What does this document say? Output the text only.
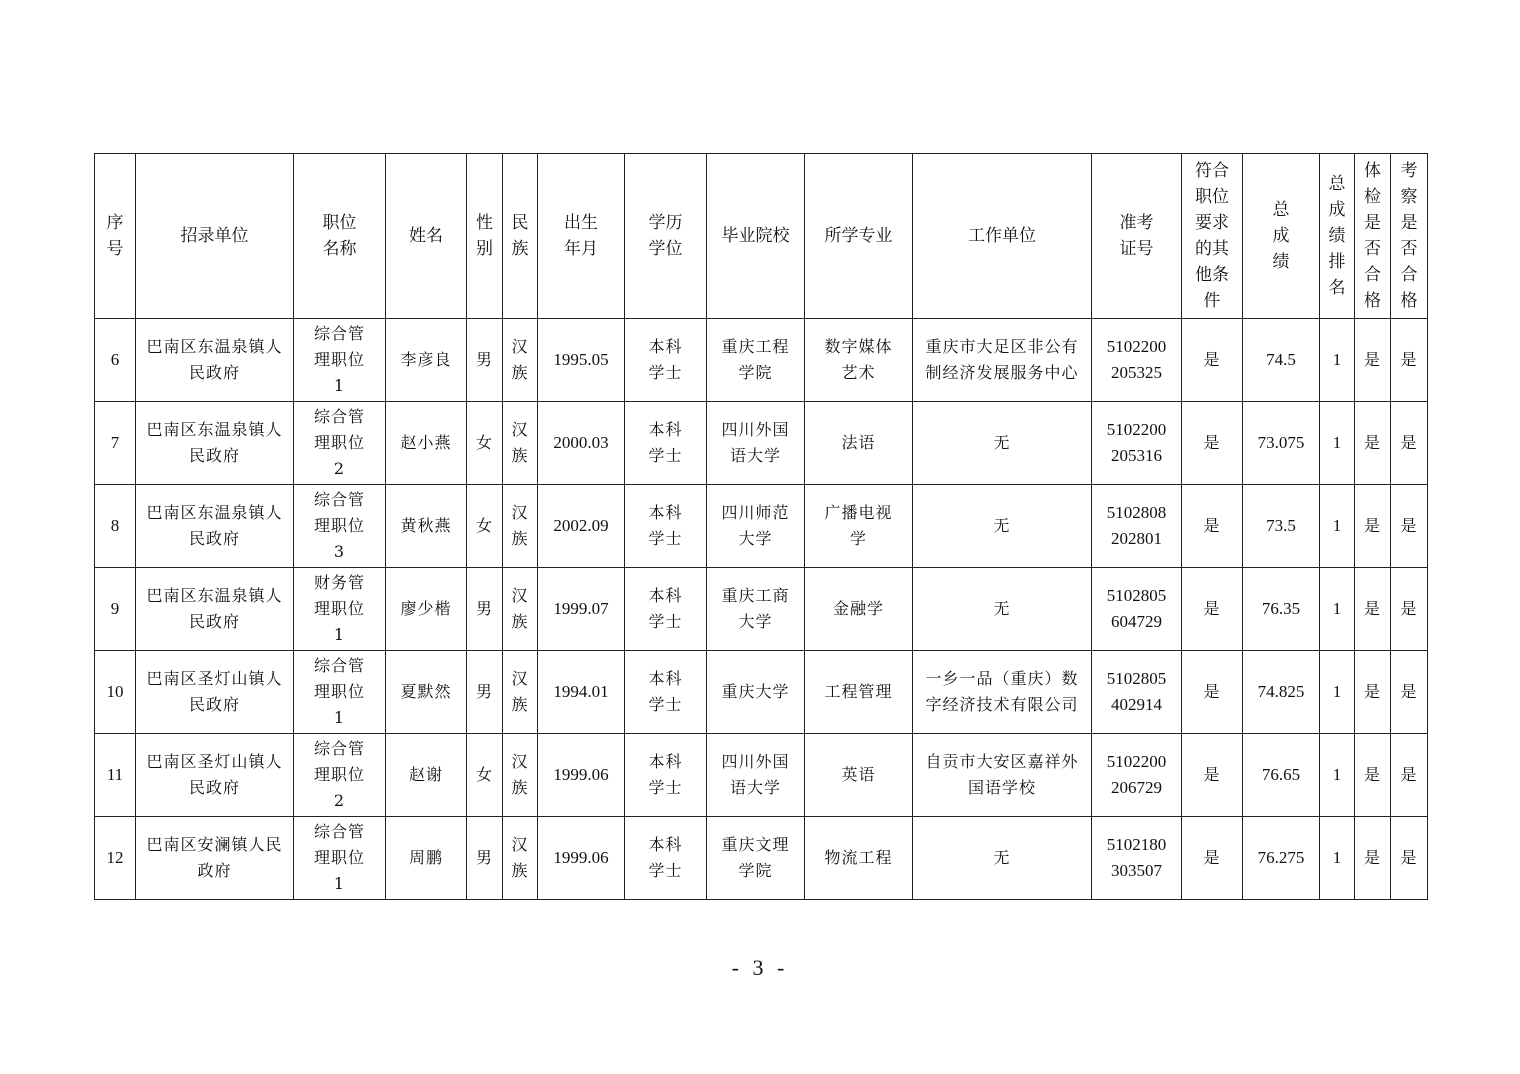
序号	招录单位	职位名称	姓名	性别	民族	出生年月	学历学位	毕业院校	所学专业	工作单位	准考证号	符合职位要求的其他条件	总成绩	总成绩排名	体检是否合格	考察是否合格
6	巴南区东温泉镇人民政府	综合管理职位1	李彦良	男	汉族	1995.05	本科学士	重庆工程学院	数字媒体艺术	重庆市大足区非公有制经济发展服务中心	5102200205325	是	74.5	1	是	是
7	巴南区东温泉镇人民政府	综合管理职位2	赵小燕	女	汉族	2000.03	本科学士	四川外国语大学	法语	无	5102200205316	是	73.075	1	是	是
8	巴南区东温泉镇人民政府	综合管理职位3	黄秋燕	女	汉族	2002.09	本科学士	四川师范大学	广播电视学	无	5102808202801	是	73.5	1	是	是
9	巴南区东温泉镇人民政府	财务管理职位1	廖少楷	男	汉族	1999.07	本科学士	重庆工商大学	金融学	无	5102805604729	是	76.35	1	是	是
10	巴南区圣灯山镇人民政府	综合管理职位1	夏默然	男	汉族	1994.01	本科学士	重庆大学	工程管理	一乡一品（重庆）数字经济技术有限公司	5102805402914	是	74.825	1	是	是
11	巴南区圣灯山镇人民政府	综合管理职位2	赵谢	女	汉族	1999.06	本科学士	四川外国语大学	英语	自贡市大安区嘉祥外国语学校	5102200206729	是	76.65	1	是	是
12	巴南区安澜镇人民政府	综合管理职位1	周鹏	男	汉族	1999.06	本科学士	重庆文理学院	物流工程	无	5102180303507	是	76.275	1	是	是
- 3 -
